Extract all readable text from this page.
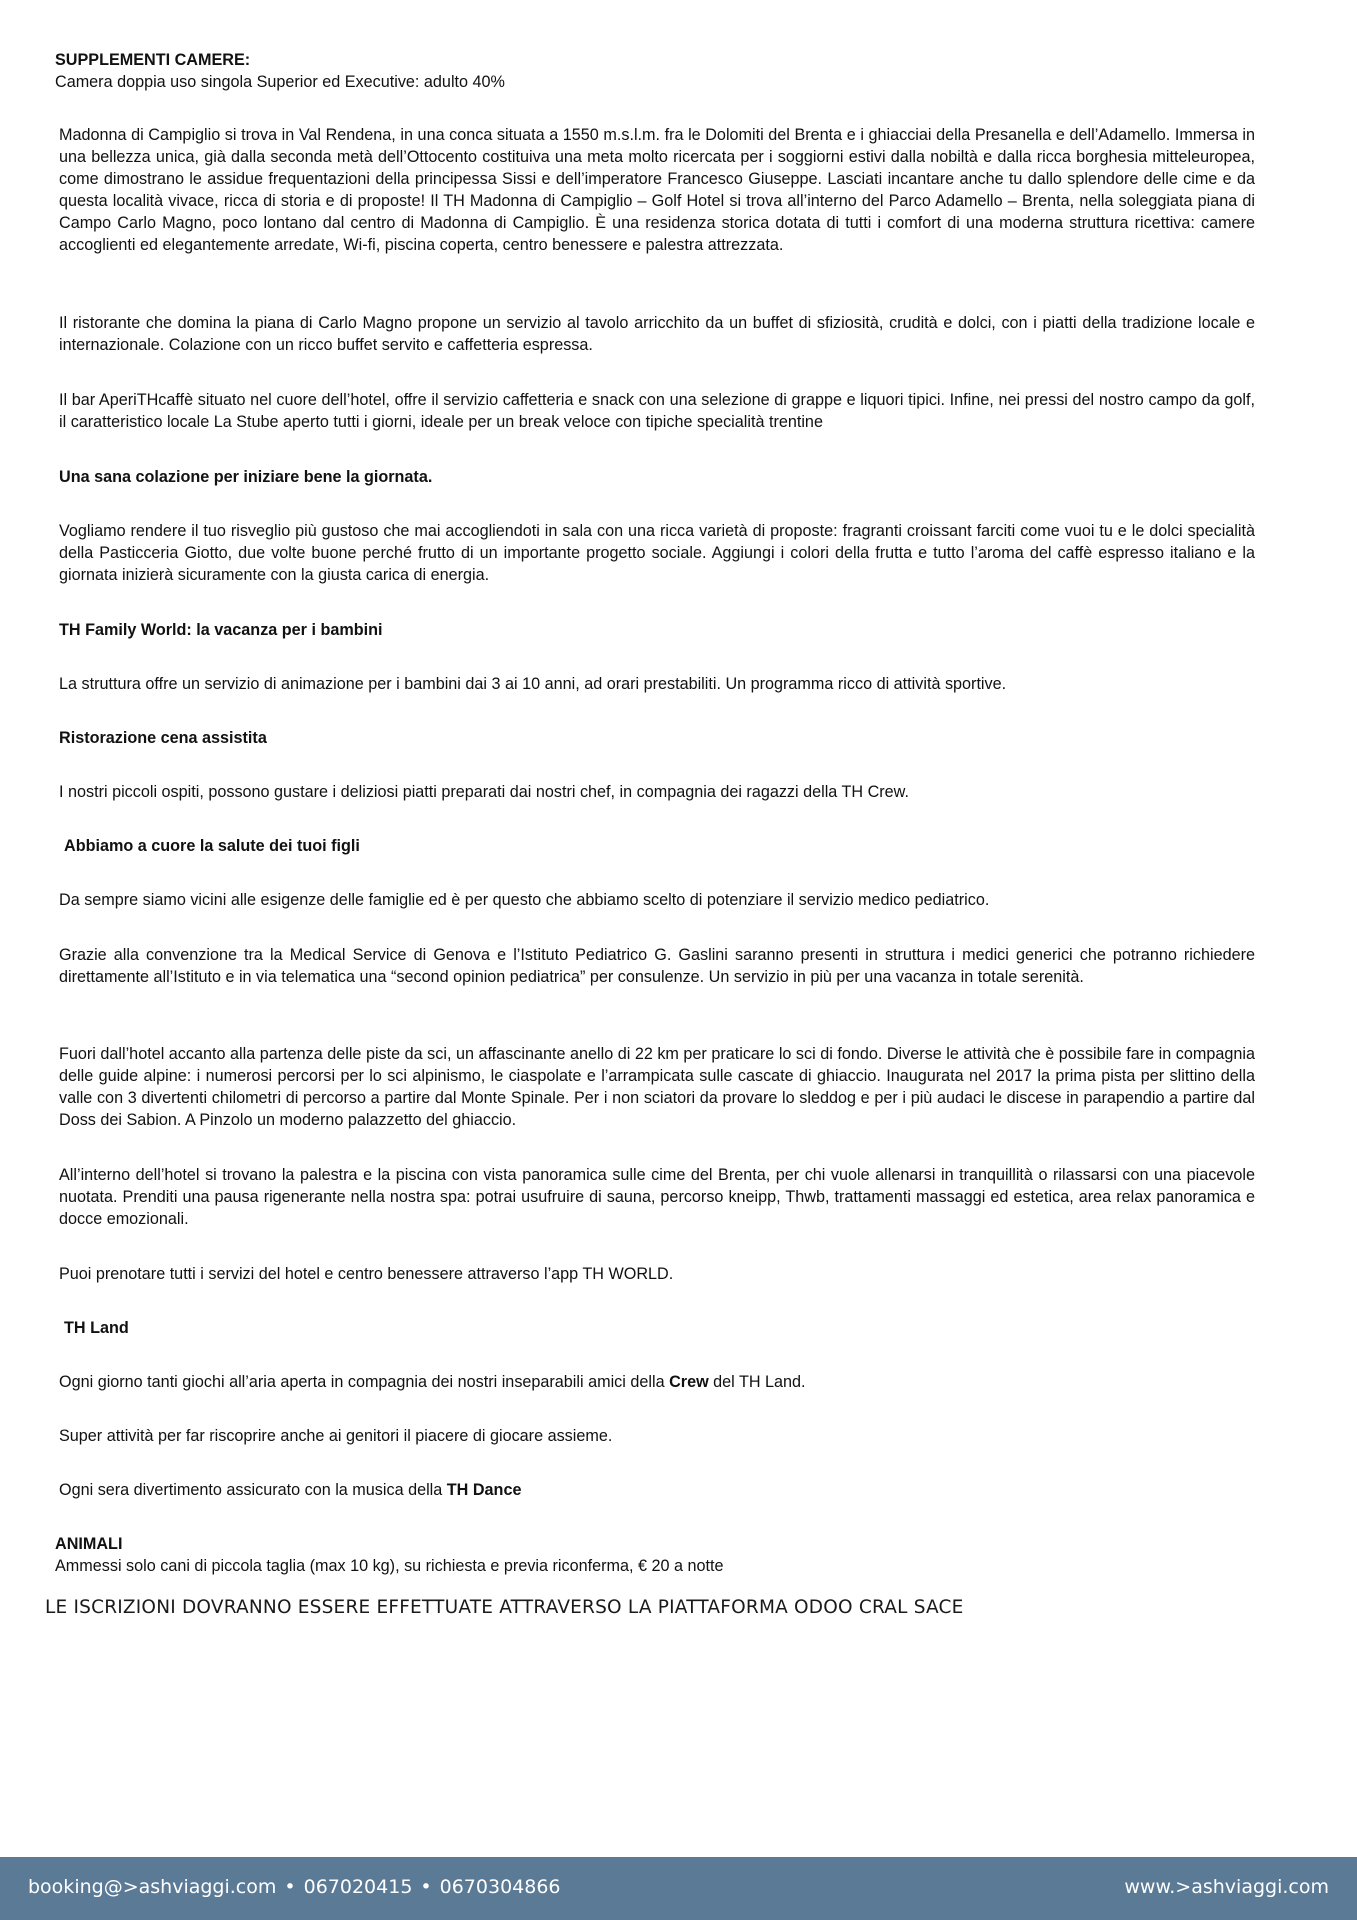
SUPPLEMENTI CAMERE:
Camera doppia uso singola Superior ed Executive: adulto 40%
Madonna di Campiglio si trova in Val Rendena, in una conca situata a 1550 m.s.l.m. fra le Dolomiti del Brenta e i ghiacciai della Presanella e dell’Adamello. Immersa in una bellezza unica, già dalla seconda metà dell’Ottocento costituiva una meta molto ricercata per i soggiorni estivi dalla nobiltà e dalla ricca borghesia mitteleuropea, come dimostrano le assidue frequentazioni della principessa Sissi e dell’imperatore Francesco Giuseppe. Lasciati incantare anche tu dallo splendore delle cime e da questa località vivace, ricca di storia e di proposte! Il TH Madonna di Campiglio – Golf Hotel si trova all’interno del Parco Adamello – Brenta, nella soleggiata piana di Campo Carlo Magno, poco lontano dal centro di Madonna di Campiglio. È una residenza storica dotata di tutti i comfort di una moderna struttura ricettiva: camere accoglienti ed elegantemente arredate, Wi-fi, piscina coperta, centro benessere e palestra attrezzata.
Il ristorante che domina la piana di Carlo Magno propone un servizio al tavolo arricchito da un buffet di sfiziosità, crudità e dolci, con i piatti della tradizione locale e internazionale. Colazione con un ricco buffet servito e caffetteria espressa.
Il bar AperiTHcaffè situato nel cuore dell’hotel, offre il servizio caffetteria e snack con una selezione di grappe e liquori tipici. Infine, nei pressi del nostro campo da golf, il caratteristico locale La Stube aperto tutti i giorni, ideale per un break veloce con tipiche specialità trentine
Una sana colazione per iniziare bene la giornata.
Vogliamo rendere il tuo risveglio più gustoso che mai accogliendoti in sala con una ricca varietà di proposte: fragranti croissant farciti come vuoi tu e le dolci specialità della Pasticceria Giotto, due volte buone perché frutto di un importante progetto sociale. Aggiungi i colori della frutta e tutto l’aroma del caffè espresso italiano e la giornata inizierà sicuramente con la giusta carica di energia.
TH Family World: la vacanza per i bambini
La struttura offre un servizio di animazione per i bambini dai 3 ai 10 anni, ad orari prestabiliti. Un programma ricco di attività sportive.
Ristorazione cena assistita
I nostri piccoli ospiti, possono gustare i deliziosi piatti preparati dai nostri chef, in compagnia dei ragazzi della TH Crew.
Abbiamo a cuore la salute dei tuoi figli
Da sempre siamo vicini alle esigenze delle famiglie ed è per questo che abbiamo scelto di potenziare il servizio medico pediatrico.
Grazie alla convenzione tra la Medical Service di Genova e l’Istituto Pediatrico G. Gaslini saranno presenti in struttura i medici generici che potranno richiedere direttamente all’Istituto e in via telematica una “second opinion pediatrica” per consulenze. Un servizio in più per una vacanza in totale serenità.
Fuori dall’hotel accanto alla partenza delle piste da sci, un affascinante anello di 22 km per praticare lo sci di fondo. Diverse le attività che è possibile fare in compagnia delle guide alpine: i numerosi percorsi per lo sci alpinismo, le ciaspolate e l’arrampicata sulle cascate di ghiaccio. Inaugurata nel 2017 la prima pista per slittino della valle con 3 divertenti chilometri di percorso a partire dal Monte Spinale. Per i non sciatori da provare lo sleddog e per i più audaci le discese in parapendio a partire dal Doss dei Sabion. A Pinzolo un moderno palazzetto del ghiaccio.
All’interno dell’hotel si trovano la palestra e la piscina con vista panoramica sulle cime del Brenta, per chi vuole allenarsi in tranquillità o rilassarsi con una piacevole nuotata. Prenditi una pausa rigenerante nella nostra spa: potrai usufruire di sauna, percorso kneipp, Thwb, trattamenti massaggi ed estetica, area relax panoramica e docce emozionali.
Puoi prenotare tutti i servizi del hotel e centro benessere attraverso l’app TH WORLD.
TH Land
Ogni giorno tanti giochi all’aria aperta in compagnia dei nostri inseparabili amici della Crew del TH Land.
Super attività per far riscoprire anche ai genitori il piacere di giocare assieme.
Ogni sera divertimento assicurato con la musica della TH Dance
ANIMALI
Ammessi solo cani di piccola taglia (max 10 kg), su richiesta e previa riconferma, € 20 a notte
LE ISCRIZIONI DOVRANNO ESSERE EFFETTUATE ATTRAVERSO LA PIATTAFORMA ODOO CRAL SACE
booking@>ashviaggi.com • 067020415 • 0670304866	www.>ashviaggi.com
